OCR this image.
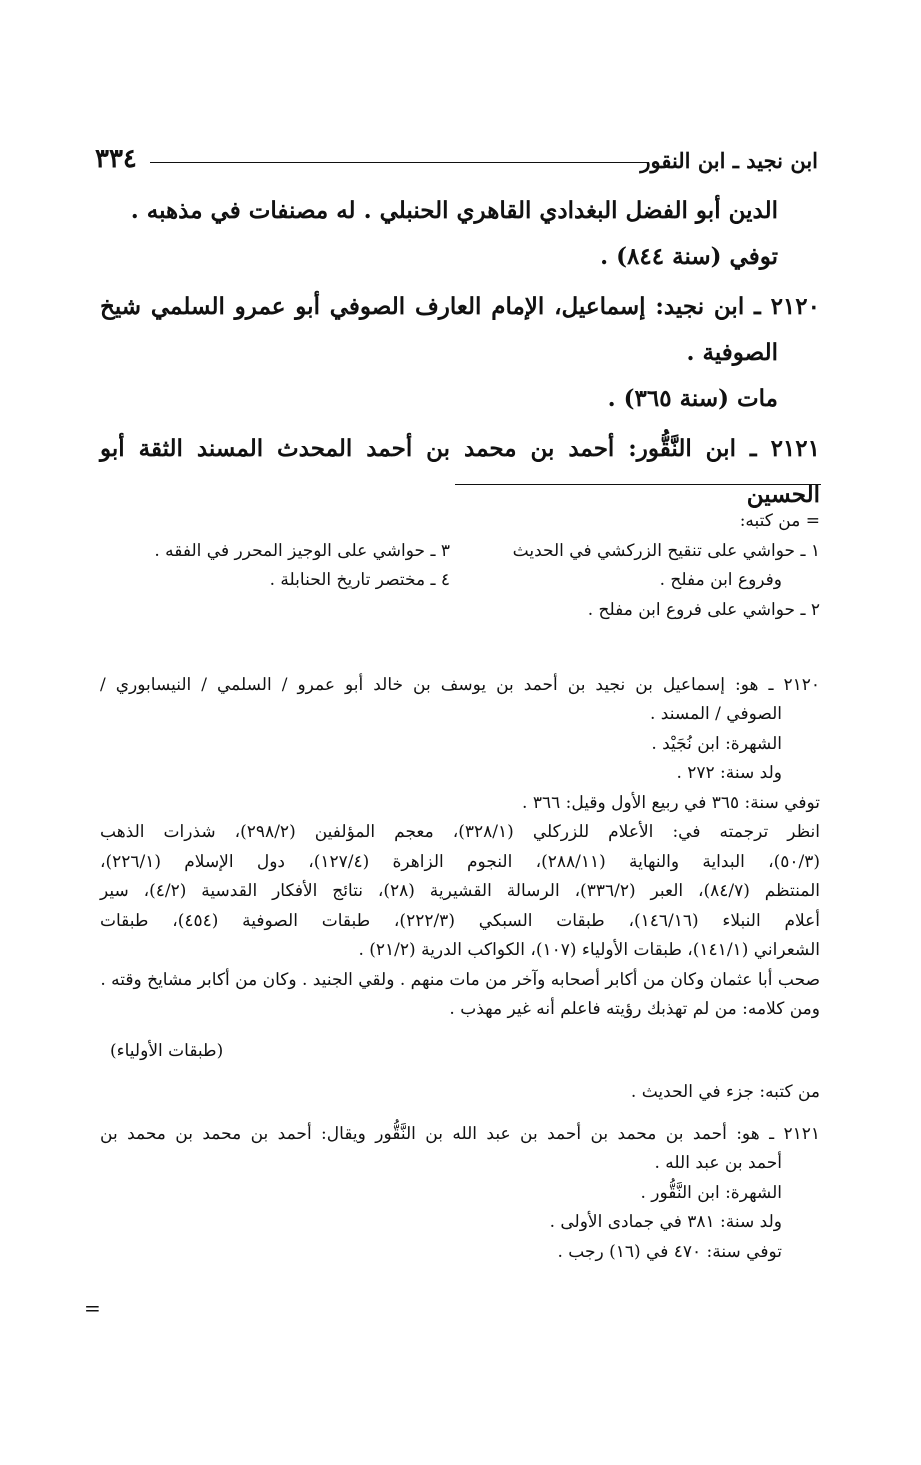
ابن نجيد ـ ابن النقور
٣٣٤

الدين أبو الفضل البغدادي القاهري الحنبلي . له مصنفات في مذهبه .

توفي (سنة ٨٤٤) .

٢١٢٠ ـ ابن نجيد: إسماعيل، الإمام العارف الصوفي أبو عمرو السلمي شيخ

الصوفية .

مات (سنة ٣٦٥) .

٢١٢١ ـ ابن النَّقُّور: أحمد بن محمد بن أحمد المحدث المسند الثقة أبو الحسين

= من كتبه:

١ ـ حواشي على تنقيح الزركشي في الحديث

وفروع ابن مفلح .

٢ ـ حواشي على فروع ابن مفلح .

٣ ـ حواشي على الوجيز المحرر في الفقه .

٤ ـ مختصر تاريخ الحنابلة .

٢١٢٠ ـ هو: إسماعيل بن نجيد بن أحمد بن يوسف بن خالد أبو عمرو / السلمي / النيسابوري /

الصوفي / المسند .

الشهرة: ابن نُجَيْد .

ولد سنة: ٢٧٢ .

توفي سنة: ٣٦٥ في ربيع الأول وقيل: ٣٦٦ .

انظر ترجمته في: الأعلام للزركلي (٣٢٨/١)، معجم المؤلفين (٢٩٨/٢)، شذرات الذهب

(٥٠/٣)، البداية والنهاية (٢٨٨/١١)، النجوم الزاهرة (١٢٧/٤)، دول الإسلام (٢٢٦/١)،

المنتظم (٨٤/٧)، العبر (٣٣٦/٢)، الرسالة القشيرية (٢٨)، نتائج الأفكار القدسية (٤/٢)، سير

أعلام النبلاء (١٤٦/١٦)، طبقات السبكي (٢٢٢/٣)، طبقات الصوفية (٤٥٤)، طبقات

الشعراني (١٤١/١)، طبقات الأولياء (١٠٧)، الكواكب الدرية (٢١/٢) .

صحب أبا عثمان وكان من أكابر أصحابه وآخر من مات منهم . ولقي الجنيد . وكان من أكابر مشايخ وقته .

ومن كلامه: من لم تهذبك رؤيته فاعلم أنه غير مهذب .

(طبقات الأولياء)

من كتبه: جزء في الحديث .

٢١٢١ ـ هو: أحمد بن محمد بن أحمد بن عبد الله بن النَّقُّور ويقال: أحمد بن محمد بن محمد بن

أحمد بن عبد الله .

الشهرة: ابن النَّقُّور .

ولد سنة: ٣٨١ في جمادى الأولى .

توفي سنة: ٤٧٠ في (١٦) رجب .

=
